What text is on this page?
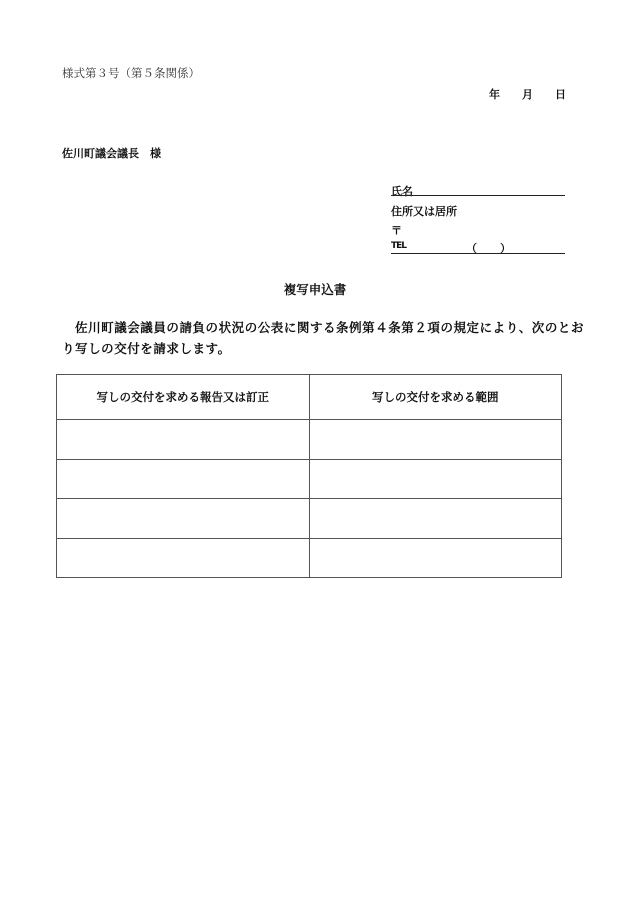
様式第３号（第５条関係）
年 月 日
佐川町議会議長　様
氏名
住所又は居所
〒
TEL	（ ）
複写申込書
　佐川町議会議員の請負の状況の公表に関する条例第４条第２項の規定により、次のとお
り写しの交付を請求します。
写しの交付を求める報告又は訂正	写しの交付を求める範囲
